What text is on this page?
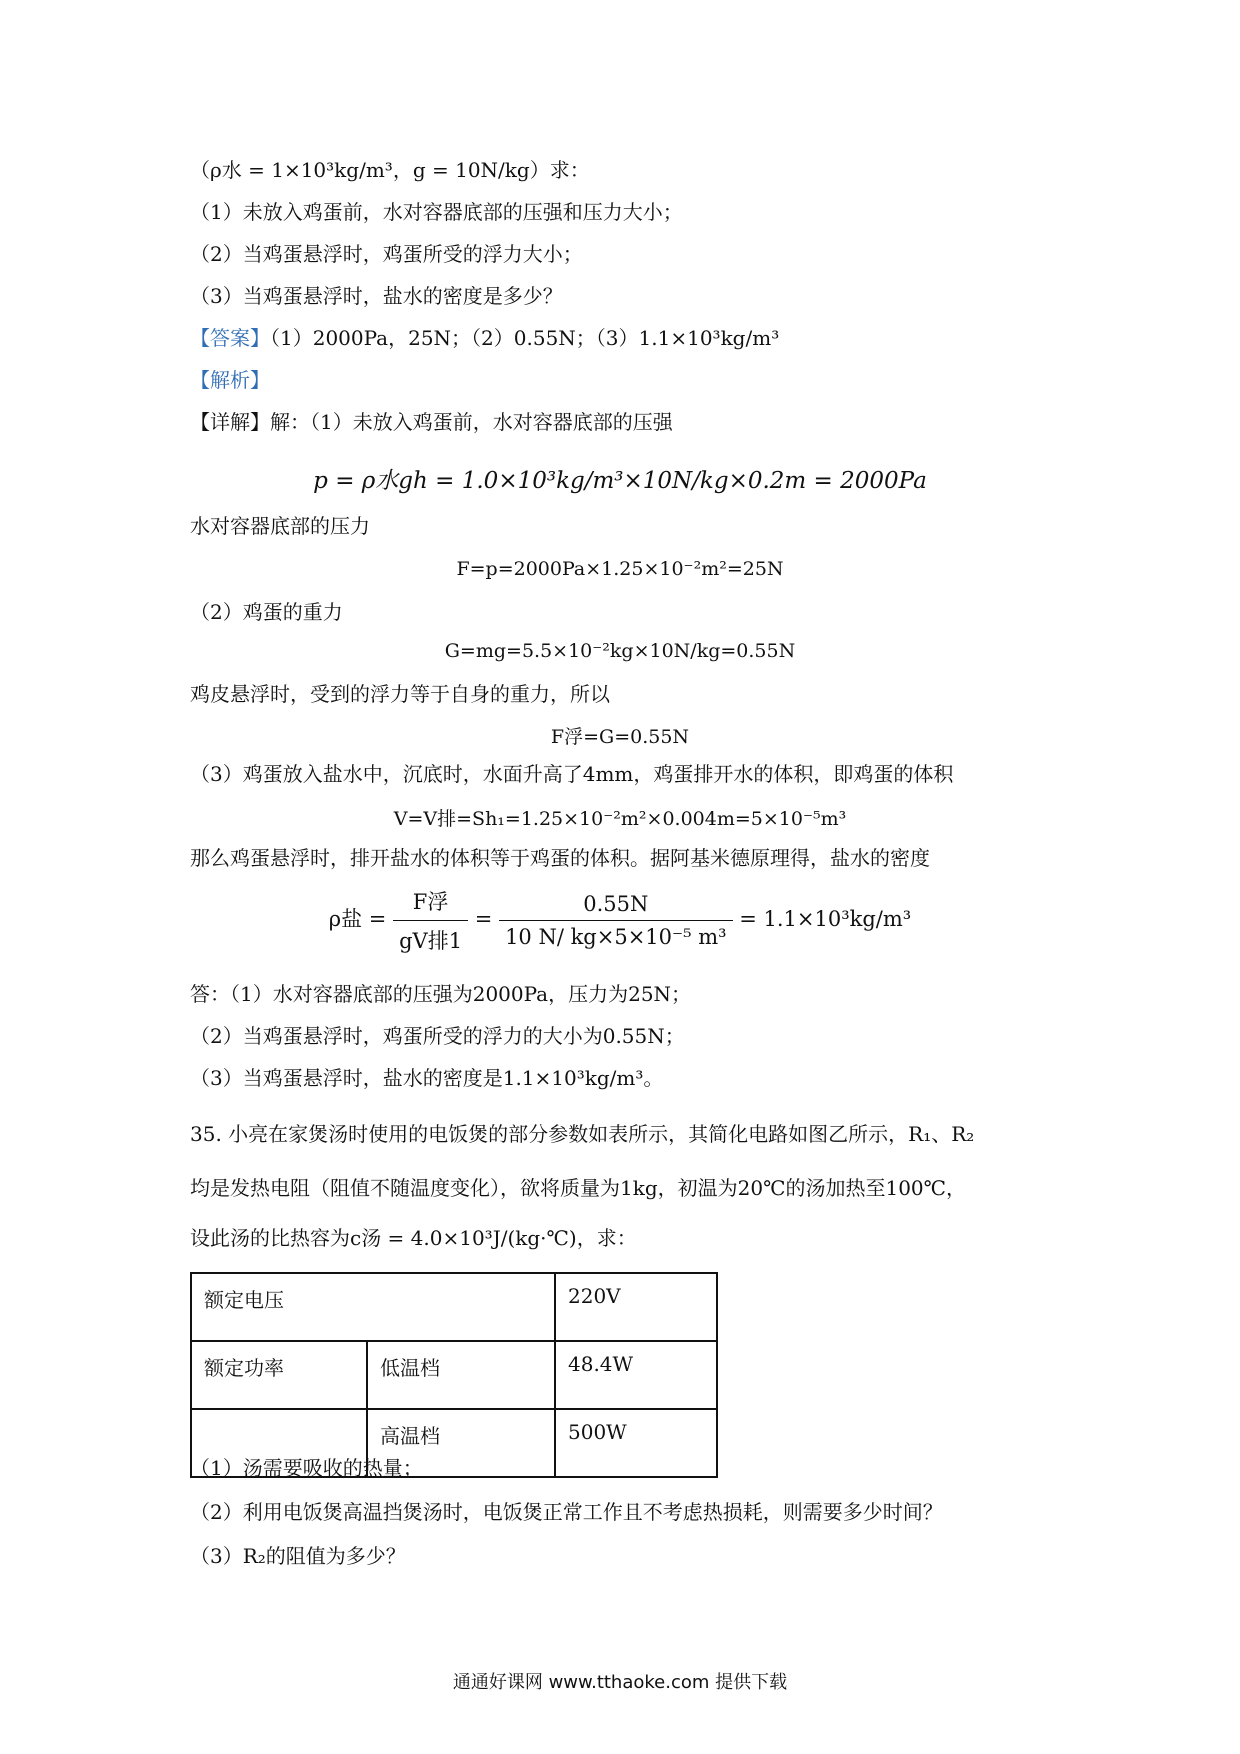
（ρ水 = 1×10³kg/m³，g = 10N/kg）求：
（1）未放入鸡蛋前，水对容器底部的压强和压力大小；
（2）当鸡蛋悬浮时，鸡蛋所受的浮力大小；
（3）当鸡蛋悬浮时，盐水的密度是多少？
【答案】（1）2000Pa，25N；（2）0.55N；（3）1.1×10³kg/m³
【解析】
【详解】解：（1）未放入鸡蛋前，水对容器底部的压强
p = ρ水gh = 1.0×10³kg/m³×10N/kg×0.2m = 2000Pa
水对容器底部的压力
F=p=2000Pa×1.25×10⁻²m²=25N
（2）鸡蛋的重力
G=mg=5.5×10⁻²kg×10N/kg=0.55N
鸡皮悬浮时，受到的浮力等于自身的重力，所以
F浮=G=0.55N
（3）鸡蛋放入盐水中，沉底时，水面升高了4mm，鸡蛋排开水的体积，即鸡蛋的体积
V=V排=Sh₁=1.25×10⁻²m²×0.004m=5×10⁻⁵m³
那么鸡蛋悬浮时，排开盐水的体积等于鸡蛋的体积。据阿基米德原理得，盐水的密度
ρ盐 = $\frac{\text{F浮}}{\text{gV排1}} = \frac{0.55N}{\text{10 N/ kg×5×10⁻⁵ m³}} = 1.1\times 10^3kg/m^3$
答：（1）水对容器底部的压强为2000Pa，压力为25N；
（2）当鸡蛋悬浮时，鸡蛋所受的浮力的大小为0.55N；
（3）当鸡蛋悬浮时，盐水的密度是1.1×10³kg/m³。
35. 小亮在家煲汤时使用的电饭煲的部分参数如表所示，其简化电路如图乙所示，R₁、R₂
均是发热电阻（阻值不随温度变化），欲将质量为1kg，初温为20℃的汤加热至100℃，
设此汤的比热容为c汤 = 4.0×10³J/(kg·℃)，求：
额定电压		220V
额定功率	低温档	48.4W
	高温档	500W
（1）汤需要吸收的热量；
（2）利用电饭煲高温挡煲汤时，电饭煲正常工作且不考虑热损耗，则需要多少时间？
（3）R₂的阻值为多少？
通通好课网 www.tthaoke.com 提供下载
